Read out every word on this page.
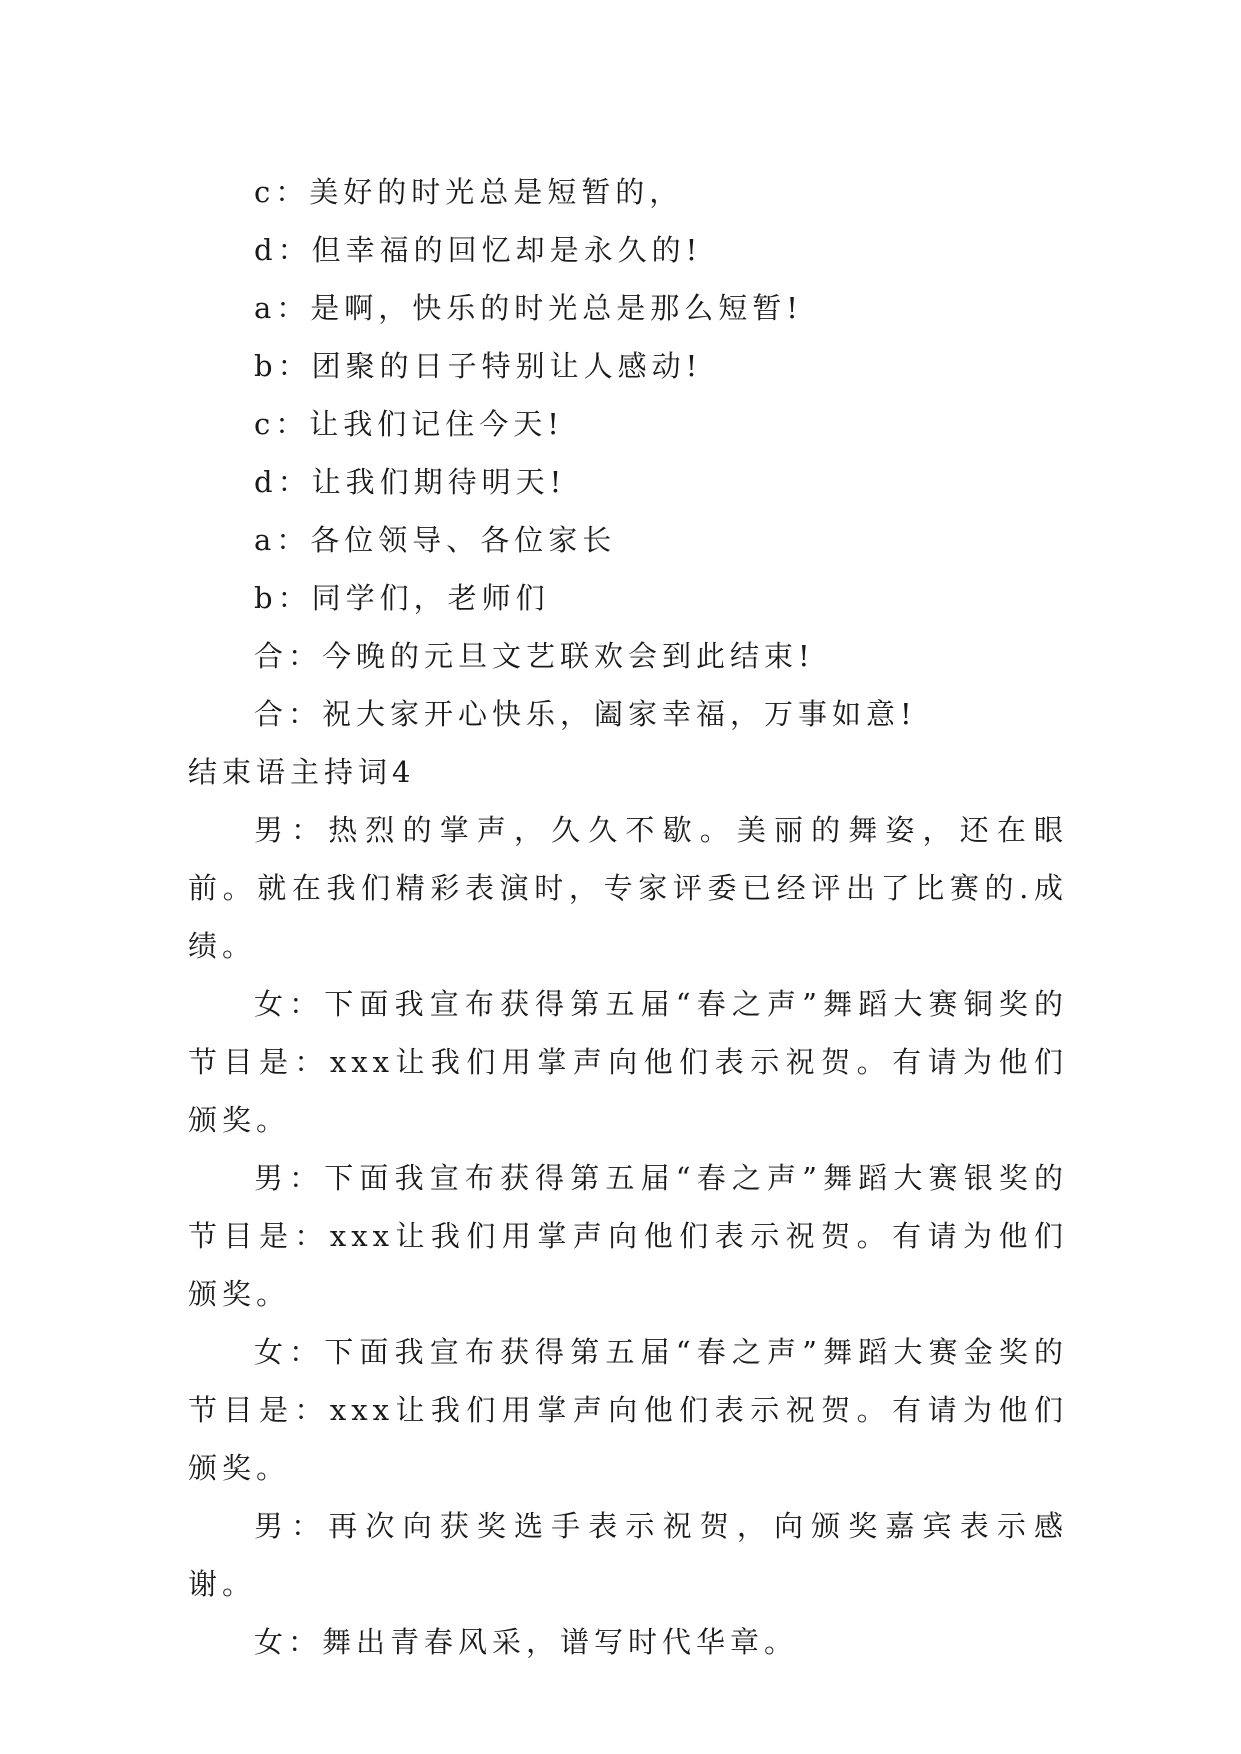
c：美好的时光总是短暂的，

d：但幸福的回忆却是永久的!

a：是啊，快乐的时光总是那么短暂!

b：团聚的日子特别让人感动!

c：让我们记住今天!

d：让我们期待明天!

a：各位领导、各位家长

b：同学们，老师们

合：今晚的元旦文艺联欢会到此结束!

合：祝大家开心快乐，阖家幸福，万事如意!

结束语主持词4

男：热烈的掌声，久久不歇。美丽的舞姿，还在眼前。就在我们精彩表演时，专家评委已经评出了比赛的.成绩。

女：下面我宣布获得第五届“春之声”舞蹈大赛铜奖的节目是：xxx让我们用掌声向他们表示祝贺。有请为他们颁奖。

男：下面我宣布获得第五届“春之声”舞蹈大赛银奖的节目是：xxx让我们用掌声向他们表示祝贺。有请为他们颁奖。

女：下面我宣布获得第五届“春之声”舞蹈大赛金奖的节目是：xxx让我们用掌声向他们表示祝贺。有请为他们颁奖。

男：再次向获奖选手表示祝贺，向颁奖嘉宾表示感谢。

女：舞出青春风采，谱写时代华章。
